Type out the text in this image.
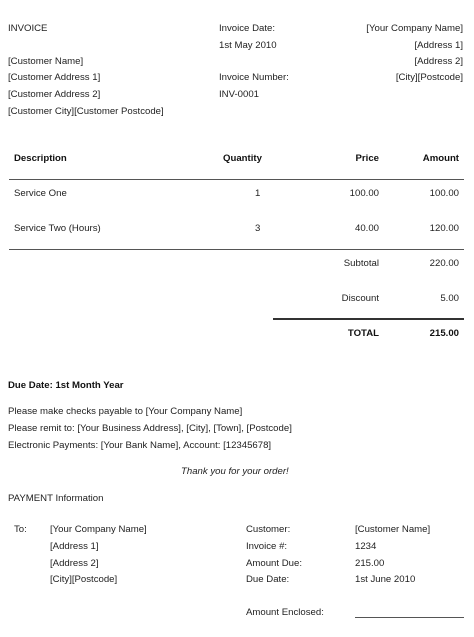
INVOICE
[Customer Name]
[Customer Address 1]
[Customer Address 2]
[Customer City][Customer Postcode]
Invoice Date:
1st May 2010
Invoice Number:
INV-0001
[Your Company Name]
[Address 1]
[Address 2]
[City][Postcode]
Description	Quantity	Price	Amount
Service One	1	100.00	100.00
Service Two (Hours)	3	40.00	120.00
Subtotal	220.00
Discount	5.00
TOTAL	215.00
Due Date: 1st Month Year
Please make checks payable to [Your Company Name]
Please remit to: [Your Business Address], [City], [Town], [Postcode]
Electronic Payments: [Your Bank Name], Account: [12345678]
Thank you for your order!
PAYMENT Information
To: [Your Company Name]
[Address 1]
[Address 2]
[City][Postcode]
Customer:	[Customer Name]
Invoice #:	1234
Amount Due:	215.00
Due Date:	1st June 2010
Amount Enclosed:
